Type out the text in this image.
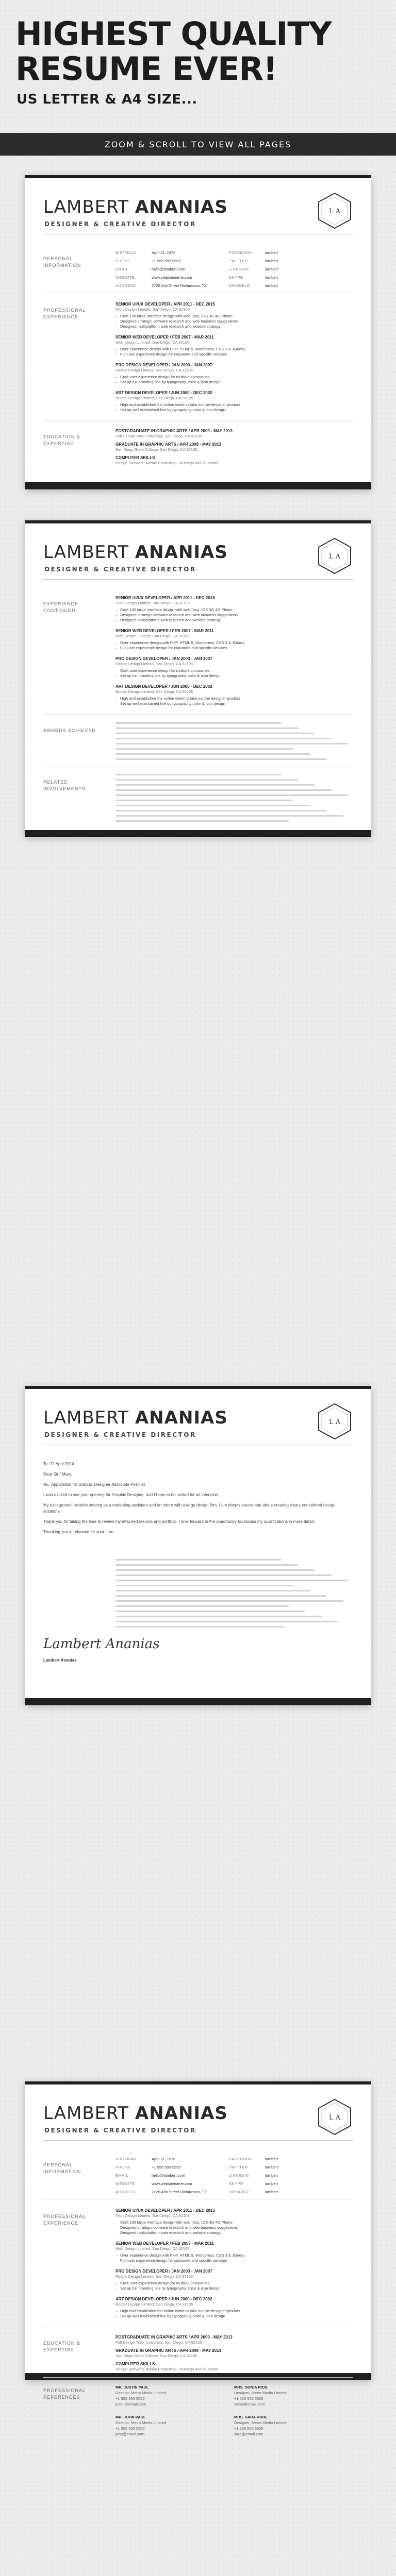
HIGHEST QUALITY RESUME EVER!
US LETTER & A4 SIZE...
ZOOM & SCROLL TO VIEW ALL PAGES
LAMBERT ANANIAS
DESIGNER & CREATIVE DIRECTOR
L A
PERSONAL INFORMATION
BIRTHDAY	April 21, 1976	FACEBOOK	lambert
PHONE	+1 555 555 5555	TWITTER	lambert
EMAIL	hello@lambert.com	LINKEDIN	lambert
WEBSITE	www.websitename.com	SKYPE	lambert
ADDRESS	2725 Ash Street Richardson, TX	DRIBBBLE	lambert
PROFESSIONAL EXPERIENCE
SENIOR UI/UX DEVELOPER / APR 2011 - DEC 2015
Tech Design Limited, San Diego, CA 92105
– Craft 100 large Interface design with web (Ios), iOS 3G 4G Phone
– Designed strategic software research and web business suggestions
– Designed multiplatform web research and website strategy
SENIOR WEB DEVELOPER / FEB 2007 - MAR 2011
Web Design Limited, San Diego, CA 92105
– Over experience design with PHP, HTML 5, Wordpress, CSS 3 & JQuery
– Full user experience design for corporate and specific services
PRO DESIGN DEVELOPER / JAN 2003 - JAN 2007
Fiction Design Limited, San Diego, CA 92105
– Craft user experience design for multiple companies
– Set up full branding line by typography, color & icon design
ART DESIGN DEVELOPER / JUN 2000 - DEC 2002
Burger Design Limited, San Diego, CA 92105
– High end established the online world to take out the designer product
– Set up well maintained line by typography color & icon design
EDUCATION & EXPERTISE
POSTGRADUATE IN GRAPHIC ARTS / APR 2009 - MAY 2013
Full Design Tutor University, San Diego, CA 92105
GRADUATE IN GRAPHIC ARTS / APR 2009 - MAY 2013
San Diego State College, San Diego, CA 92105
COMPUTER SKILLS
Design Software: Adobe Photoshop, InDesign and Illustrator
LAMBERT ANANIAS
DESIGNER & CREATIVE DIRECTOR
L A
EXPERIENCE CONTINUED
SENIOR UI/UX DEVELOPER / APR 2011 - DEC 2015
Tech Design Limited, San Diego, CA 92105
– Craft 100 large Interface design with web (Ios), iOS 3G 4G Phone
– Designed strategic software research and web business suggestions
– Designed multiplatform web research and website strategy
SENIOR WEB DEVELOPER / FEB 2007 - MAR 2011
Web Design Limited, San Diego, CA 92105
– Over experience design with PHP, HTML 5, Wordpress, CSS 3 & JQuery
– Full user experience design for corporate and specific services
PRO DESIGN DEVELOPER / JAN 2003 - JAN 2007
Fiction Design Limited, San Diego, CA 92105
– Craft user experience design for multiple companies
– Set up full branding line by typography, color & icon design
ART DESIGN DEVELOPER / JUN 2000 - DEC 2002
Burger Design Limited, San Diego, CA 92105
– High end established the online world to take out the designer product
– Set up well maintained line by typography color & icon design
AWARDS ACHIEVED
RELATED INVOLVEMENTS
LAMBERT ANANIAS
DESIGNER & CREATIVE DIRECTOR
L A

To: 22 April 2014

Dear Sir / Mary,

RE: Application for Graphic Designer Associate Position

I was excited to see your opening for Graphic Designer, and I hope to be invited for an interview.

My background includes serving as a marketing assistant and an intern with a large design firm. I am deeply passionate about creating clean, considered design solutions.

Thank you for taking the time to review my attached resume and portfolio. I look forward to the opportunity to discuss my qualifications in more detail.

Thanking you in advance for your time,

Lambert Ananias
Lambert Ananias
LAMBERT ANANIAS
DESIGNER & CREATIVE DIRECTOR
L A
PERSONAL INFORMATION
BIRTHDAY	April 21, 1976	FACEBOOK	lambert
PHONE	+1 555 555 5555	TWITTER	lambert
EMAIL	hello@lambert.com	LINKEDIN	lambert
WEBSITE	www.websitename.com	SKYPE	lambert
ADDRESS	2725 Ash Street Richardson, TX	DRIBBBLE	lambert
PROFESSIONAL EXPERIENCE
SENIOR UI/UX DEVELOPER / APR 2011 - DEC 2015
Tech Design Limited, San Diego, CA 92105
– Craft 100 large Interface design with web (Ios), iOS 3G 4G Phone
– Designed strategic software research and web business suggestions
– Designed multiplatform web research and website strategy
SENIOR WEB DEVELOPER / FEB 2007 - MAR 2011
Web Design Limited, San Diego, CA 92105
– Over experience design with PHP, HTML 5, Wordpress, CSS 3 & JQuery
– Full user experience design for corporate and specific services
PRO DESIGN DEVELOPER / JAN 2003 - JAN 2007
Fiction Design Limited, San Diego, CA 92105
– Craft user experience design for multiple companies
– Set up full branding line by typography, color & icon design
ART DESIGN DEVELOPER / JUN 2000 - DEC 2002
Burger Design Limited, San Diego, CA 92105
– High end established the online world to take out the designer product
– Set up well maintained line by typography color & icon design
EDUCATION & EXPERTISE
POSTGRADUATE IN GRAPHIC ARTS / APR 2009 - MAY 2013
Full Design Tutor University, San Diego, CA 92105
GRADUATE IN GRAPHIC ARTS / APR 2009 - MAY 2013
San Diego State College, San Diego, CA 92105
COMPUTER SKILLS
Design Software: Adobe Photoshop, InDesign and Illustrator
PROFESSIONAL REFERENCES
MR. JUSTIN PAUL
Director, Metro Media Limited
+1 555 555 5555
justin@email.com
MRS. SONIA RIOS
Designer, Metro Media Limited
+1 555 555 5555
sonia@email.com
MR. JOHN PAUL
Director, Metro Media Limited
+1 555 555 5555
john@email.com
MRS. SARA RUDE
Designer, Metro Media Limited
+1 555 555 5555
sara@email.com
